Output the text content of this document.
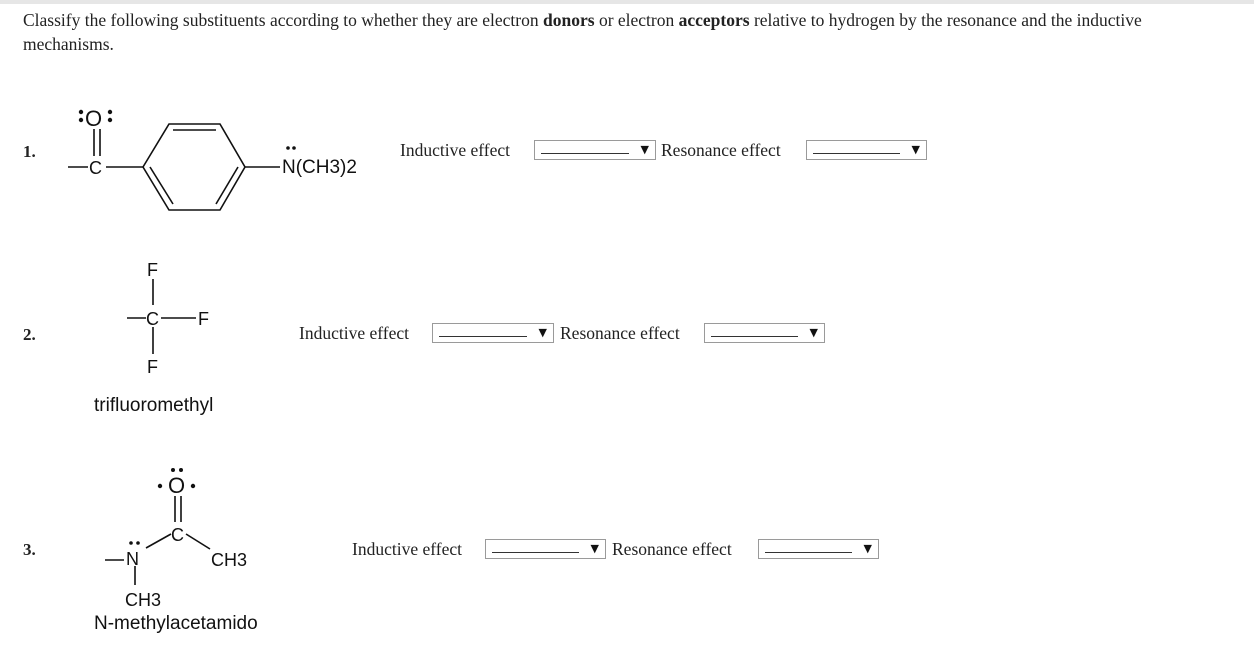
Classify the following substituents according to whether they are electron donors or electron acceptors relative to hydrogen by the resonance and the inductive mechanisms.
O
C	N(CH3)2
F
C F
F
O
C
N	CH3
CH3
trifluoromethyl
N-methylacetamido
1.	Inductive effect	▼ Resonance effect	▼
2.	Inductive effect	▼ Resonance effect	▼
3.	Inductive effect	▼ Resonance effect	▼
